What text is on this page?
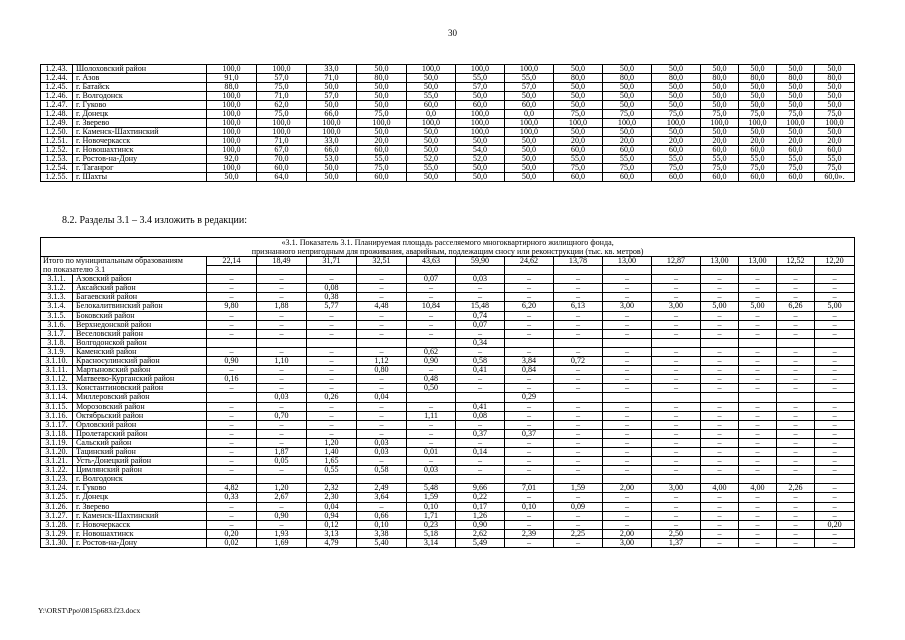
30
1.2.43.	Шолоховский район	100,0	100,0	33,0	50,0	100,0	100,0	100,0	50,0	50,0	50,0	50,0	50,0	50,0	50,0
1.2.44.	г. Азов	91,0	57,0	71,0	80,0	50,0	55,0	55,0	80,0	80,0	80,0	80,0	80,0	80,0	80,0
1.2.45.	г. Батайск	88,0	75,0	50,0	50,0	50,0	57,0	57,0	50,0	50,0	50,0	50,0	50,0	50,0	50,0
1.2.46.	г. Волгодонск	100,0	71,0	57,0	50,0	55,0	50,0	50,0	50,0	50,0	50,0	50,0	50,0	50,0	50,0
1.2.47.	г. Гуково	100,0	62,0	50,0	50,0	60,0	60,0	60,0	50,0	50,0	50,0	50,0	50,0	50,0	50,0
1.2.48.	г. Донецк	100,0	75,0	66,0	75,0	0,0	100,0	0,0	75,0	75,0	75,0	75,0	75,0	75,0	75,0
1.2.49.	г. Зверево	100,0	100,0	100,0	100,0	100,0	100,0	100,0	100,0	100,0	100,0	100,0	100,0	100,0	100,0
1.2.50.	г. Каменск-Шахтинский	100,0	100,0	100,0	50,0	50,0	100,0	100,0	50,0	50,0	50,0	50,0	50,0	50,0	50,0
1.2.51.	г. Новочеркасск	100,0	71,0	33,0	20,0	50,0	50,0	50,0	20,0	20,0	20,0	20,0	20,0	20,0	20,0
1.2.52.	г. Новошахтинск	100,0	67,0	66,0	60,0	50,0	54,0	50,0	60,0	60,0	60,0	60,0	60,0	60,0	60,0
1.2.53.	г. Ростов-на-Дону	92,0	70,0	53,0	55,0	52,0	52,0	50,0	55,0	55,0	55,0	55,0	55,0	55,0	55,0
1.2.54.	г. Таганрог	100,0	60,0	50,0	75,0	55,0	50,0	50,0	75,0	75,0	75,0	75,0	75,0	75,0	75,0
1.2.55.	г. Шахты	50,0	64,0	50,0	60,0	50,0	50,0	50,0	60,0	60,0	60,0	60,0	60,0	60,0	60,0».
8.2. Разделы 3.1 – 3.4 изложить в редакции:
«3.1. Показатель 3.1. Планируемая площадь расселяемого многоквартирного жилищного фонда,															
признанного непригодным для проживания, аварийным, подлежащим сносу или реконструкции (тыс. кв. метров)															
Итого по муниципальным образованиям		22,14	18,49	31,71	32,51	43,63	59,90	24,62	13,78	13,00	12,87	13,00	13,00	12,52	12,20
по показателю 3.1															
3.1.1.	Азовский район	–	–	–	–	0,07	0,03	–	–	–	–	–	–	–	–
3.1.2.	Аксайский район	–	–	0,08	–	–	–	–	–	–	–	–	–	–	–
3.1.3.	Багаевский район	–	–	0,38	–	–	–	–	–	–	–	–	–	–	–
3.1.4.	Белокалитвинский район	9,80	1,88	5,77	4,48	10,84	15,48	6,20	6,13	3,00	3,00	5,00	5,00	6,26	5,00
3.1.5.	Боковский район	–	–	–	–	–	0,74	–	–	–	–	–	–	–	–
3.1.6.	Верхнедонской район	–	–	–	–	–	0,07	–	–	–	–	–	–	–	–
3.1.7.	Веселовский район	–	–	–	–	–	–	–	–	–	–	–	–	–	–
3.1.8.	Волгодонской район						0,34								
3.1.9.	Каменский район	–	–	–	–	0,62	–	–	–	–	–	–	–	–	–
3.1.10.	Красносулинский район	0,90	1,10	–	1,12	0,90	0,58	3,84	0,72	–	–	–	–	–	–
3.1.11.	Мартыновский район	–	–	–	0,80	–	0,41	0,84	–	–	–	–	–	–	–
3.1.12.	Матвеево-Курганский район	0,16	–	–	–	0,48	–	–	–	–	–	–	–	–	–
3.1.13.	Константиновский район	–	–	–	–	0,50	–	–	–	–	–	–	–	–	–
3.1.14.	Миллеровский район		0,03	0,26	0,04			0,29							
3.1.15.	Морозовский район	–	–	–	–	–	0,41	–	–	–	–	–	–	–	–
3.1.16.	Октябрьский район	–	0,70	–	–	1,11	0,08	–	–	–	–	–	–	–	–
3.1.17.	Орловский район	–	–	–	–	–	–	–	–	–	–	–	–	–	–
3.1.18.	Пролетарский район	–	–	–	–	–	0,37	0,37	–	–	–	–	–	–	–
3.1.19.	Сальский район	–	–	1,20	0,03	–	–	–	–	–	–	–	–	–	–
3.1.20.	Тацинский район	–	1,87	1,40	0,03	0,01	0,14	–	–	–	–	–	–	–	–
3.1.21.	Усть-Донецкий район	–	0,05	1,65	–	–	–	–	–	–	–	–	–	–	–
3.1.22.	Цимлянский район	–	–	0,55	0,58	0,03	–	–	–	–	–	–	–	–	–
3.1.23.	г. Волгодонск														
3.1.24.	г. Гуково	4,82	1,20	2,32	2,49	5,48	9,66	7,01	1,59	2,00	3,00	4,00	4,00	2,26	–
3.1.25.	г. Донецк	0,33	2,67	2,30	3,64	1,59	0,22	–	–	–	–	–	–	–	–
3.1.26.	г. Зверево	–	–	0,04	–	0,10	0,17	0,10	0,09	–	–	–	–	–	–
3.1.27.	г. Каменск-Шахтинский	–	0,90	0,94	0,66	1,71	1,26	–	–	–	–	–	–	–	–
3.1.28.	г. Новочеркасск	–	–	0,12	0,10	0,23	0,90	–	–	–	–	–	–	–	0,20
3.1.29.	г. Новошахтинск	0,20	1,93	3,13	3,38	5,18	2,62	2,39	2,25	2,00	2,50	–	–	–	–
3.1.30.	г. Ростов-на-Дону	0,02	1,69	4,79	5,40	3,14	5,49	–	–	3,00	1,37	–	–	–	–
Y:\ORST\Ppo\0815p683.f23.docx
